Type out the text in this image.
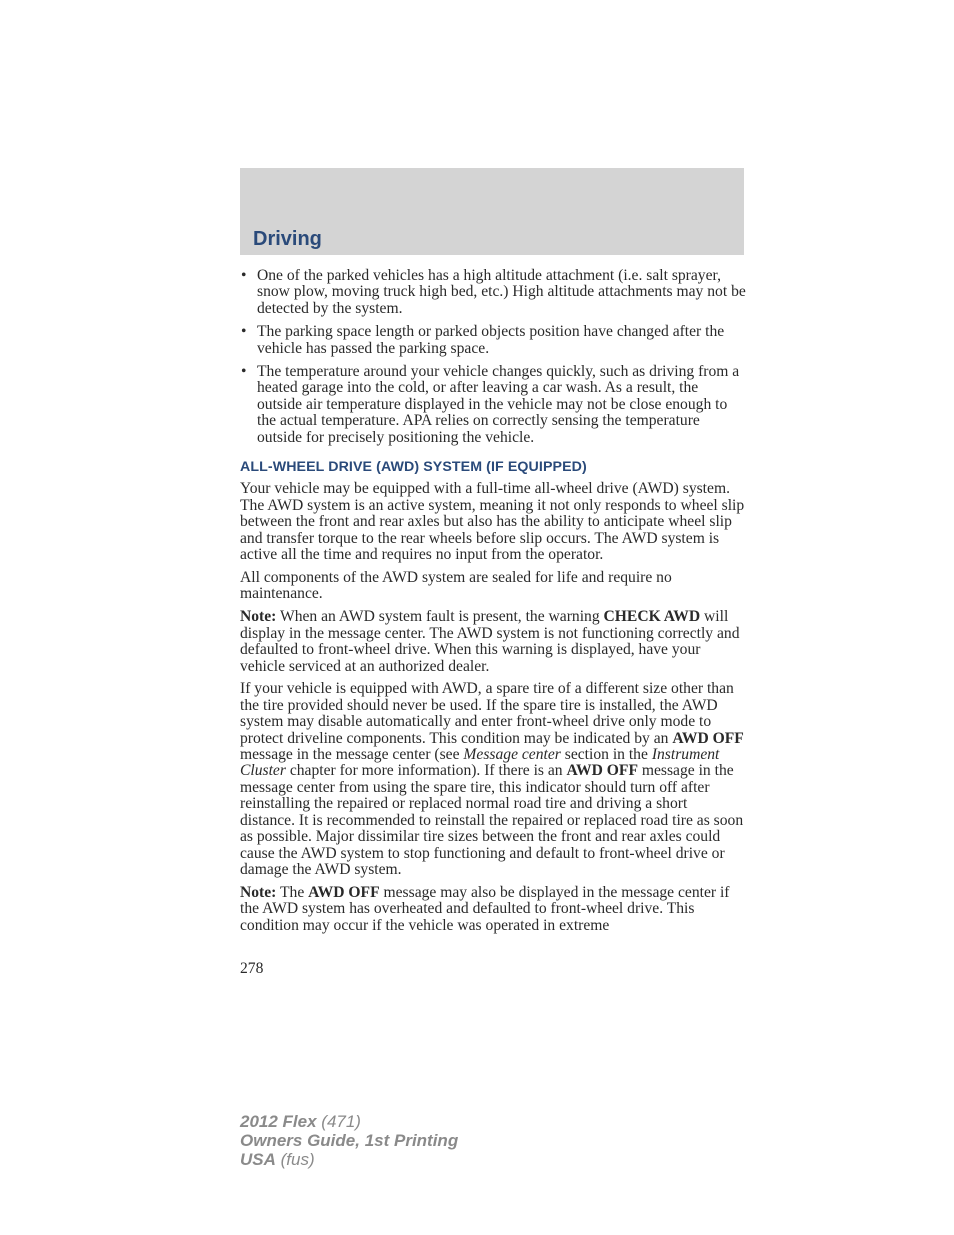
Driving
• One of the parked vehicles has a high altitude attachment (i.e. salt sprayer, snow plow, moving truck high bed, etc.) High altitude attachments may not be detected by the system.
• The parking space length or parked objects position have changed after the vehicle has passed the parking space.
• The temperature around your vehicle changes quickly, such as driving from a heated garage into the cold, or after leaving a car wash. As a result, the outside air temperature displayed in the vehicle may not be close enough to the actual temperature. APA relies on correctly sensing the temperature outside for precisely positioning the vehicle.
ALL-WHEEL DRIVE (AWD) SYSTEM (IF EQUIPPED)

Your vehicle may be equipped with a full-time all-wheel drive (AWD) system. The AWD system is an active system, meaning it not only responds to wheel slip between the front and rear axles but also has the ability to anticipate wheel slip and transfer torque to the rear wheels before slip occurs. The AWD system is active all the time and requires no input from the operator.

All components of the AWD system are sealed for life and require no maintenance.

Note: When an AWD system fault is present, the warning CHECK AWD will display in the message center. The AWD system is not functioning correctly and defaulted to front-wheel drive. When this warning is displayed, have your vehicle serviced at an authorized dealer.

If your vehicle is equipped with AWD, a spare tire of a different size other than the tire provided should never be used. If the spare tire is installed, the AWD system may disable automatically and enter front-wheel drive only mode to protect driveline components. This condition may be indicated by an AWD OFF message in the message center (see Message center section in the Instrument Cluster chapter for more information). If there is an AWD OFF message in the message center from using the spare tire, this indicator should turn off after reinstalling the repaired or replaced normal road tire and driving a short distance. It is recommended to reinstall the repaired or replaced road tire as soon as possible. Major dissimilar tire sizes between the front and rear axles could cause the AWD system to stop functioning and default to front-wheel drive or damage the AWD system.

Note: The AWD OFF message may also be displayed in the message center if the AWD system has overheated and defaulted to front-wheel drive. This condition may occur if the vehicle was operated in extreme

278
2012 Flex (471)
Owners Guide, 1st Printing
USA (fus)
